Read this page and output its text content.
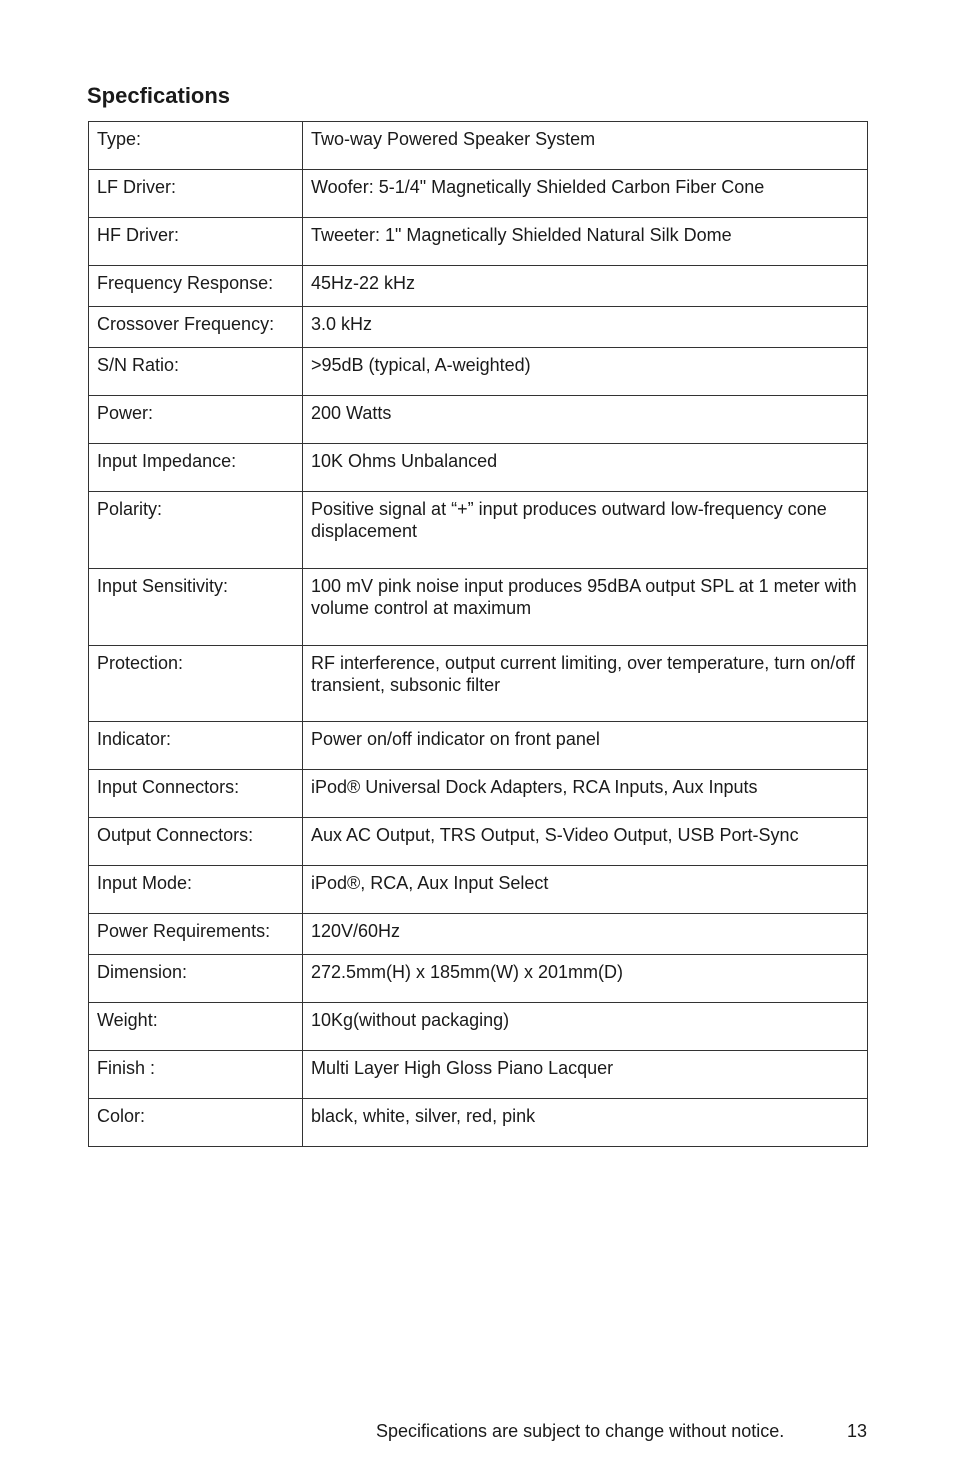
Specfications
Type:	Two-way Powered Speaker System
LF Driver:	Woofer: 5-1/4" Magnetically Shielded Carbon Fiber Cone
HF Driver:	Tweeter: 1" Magnetically Shielded Natural Silk Dome
Frequency Response:	45Hz-22 kHz
Crossover Frequency:	3.0 kHz
S/N Ratio:	>95dB (typical, A-weighted)
Power:	200 Watts
Input Impedance:	10K Ohms Unbalanced
Polarity:	Positive signal at “+” input produces outward low-frequency cone displacement
Input Sensitivity:	100 mV pink noise input produces 95dBA output SPL at 1 meter with volume control at maximum
Protection:	RF interference, output current limiting, over temperature, turn on/off transient, subsonic filter
Indicator:	Power on/off indicator on front panel
Input Connectors:	iPod® Universal Dock Adapters, RCA Inputs, Aux Inputs
Output Connectors:	Aux AC Output, TRS Output, S-Video Output, USB Port-Sync
Input Mode:	iPod®, RCA, Aux Input Select
Power Requirements:	120V/60Hz
Dimension:	272.5mm(H) x 185mm(W) x 201mm(D)
Weight:	10Kg(without packaging)
Finish :	Multi Layer High Gloss Piano Lacquer
Color:	black, white, silver, red, pink
Specifications are subject to change without notice.	13
